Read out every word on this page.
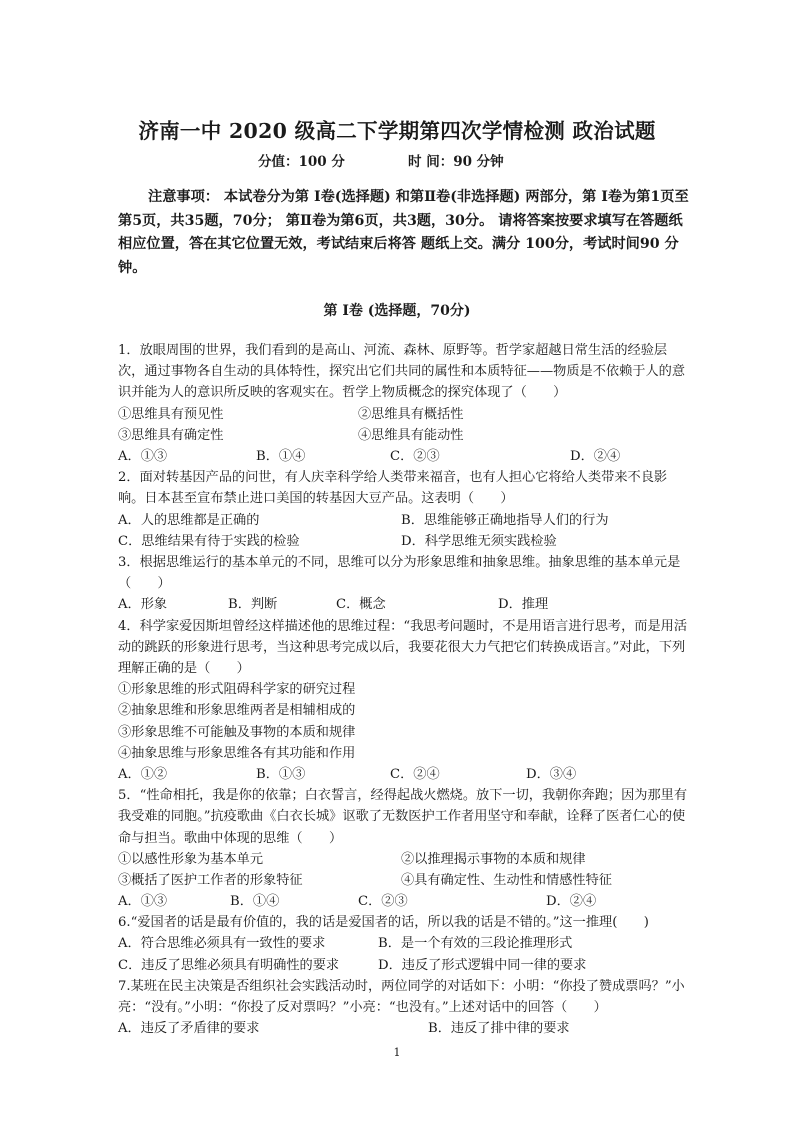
济南一中 2020 级高二下学期第四次学情检测 政治试题
分值：100 分	时 间：90 分钟
注意事项： 本试卷分为第 Ⅰ卷(选择题) 和第Ⅱ卷(非选择题) 两部分，第 Ⅰ卷为第1页至第5页，共35题，70分； 第Ⅱ卷为第6页，共3题，30分。 请将答案按要求填写在答题纸相应位置，答在其它位置无效，考试结束后将答 题纸上交。满分 100分，考试时间90 分钟。
第 Ⅰ卷 (选择题，70分)
1．放眼周围的世界，我们看到的是高山、河流、森林、原野等。哲学家超越日常生活的经验层次，通过事物各自生动的具体特性，探究出它们共同的属性和本质特征——物质是不依赖于人的意识并能为人的意识所反映的客观实在。哲学上物质概念的探究体现了（　　）
①思维具有预见性	②思维具有概括性
③思维具有确定性	④思维具有能动性
A．①③	B．①④	C．②③	D．②④
2．面对转基因产品的问世，有人庆幸科学给人类带来福音，也有人担心它将给人类带来不良影响。日本甚至宣布禁止进口美国的转基因大豆产品。这表明（　　）
A．人的思维都是正确的	B．思维能够正确地指导人们的行为
C．思维结果有待于实践的检验	D．科学思维无须实践检验
3．根据思维运行的基本单元的不同，思维可以分为形象思维和抽象思维。抽象思维的基本单元是（　　）
A．形象	B．判断	C．概念	D．推理
4．科学家爱因斯坦曾经这样描述他的思维过程：“我思考问题时，不是用语言进行思考，而是用活动的跳跃的形象进行思考，当这种思考完成以后，我要花很大力气把它们转换成语言。”对此，下列理解正确的是（　　）
①形象思维的形式阻碍科学家的研究过程
②抽象思维和形象思维两者是相辅相成的
③形象思维不可能触及事物的本质和规律
④抽象思维与形象思维各有其功能和作用
A．①②	B．①③	C．②④	D．③④
5．“性命相托，我是你的依靠；白衣誓言，经得起战火燃烧。放下一切，我朝你奔跑；因为那里有我受难的同胞。”抗疫歌曲《白衣长城》讴歌了无数医护工作者用坚守和奉献，诠释了医者仁心的使命与担当。歌曲中体现的思维（　　）
①以感性形象为基本单元	②以推理揭示事物的本质和规律
③概括了医护工作者的形象特征	④具有确定性、生动性和情感性特征
A．①③	B．①④	C．②③	D．②④
6.“爱国者的话是最有价值的，我的话是爱国者的话，所以我的话是不错的。”这一推理(　　)
A．符合思维必须具有一致性的要求	B．是一个有效的三段论推理形式
C．违反了思维必须具有明确性的要求	D．违反了形式逻辑中同一律的要求
7.某班在民主决策是否组织社会实践活动时，两位同学的对话如下：小明：“你投了赞成票吗？”小亮：“没有。”小明：“你投了反对票吗？”小亮：“也没有。”上述对话中的回答（　　）
A．违反了矛盾律的要求	B．违反了排中律的要求
1
